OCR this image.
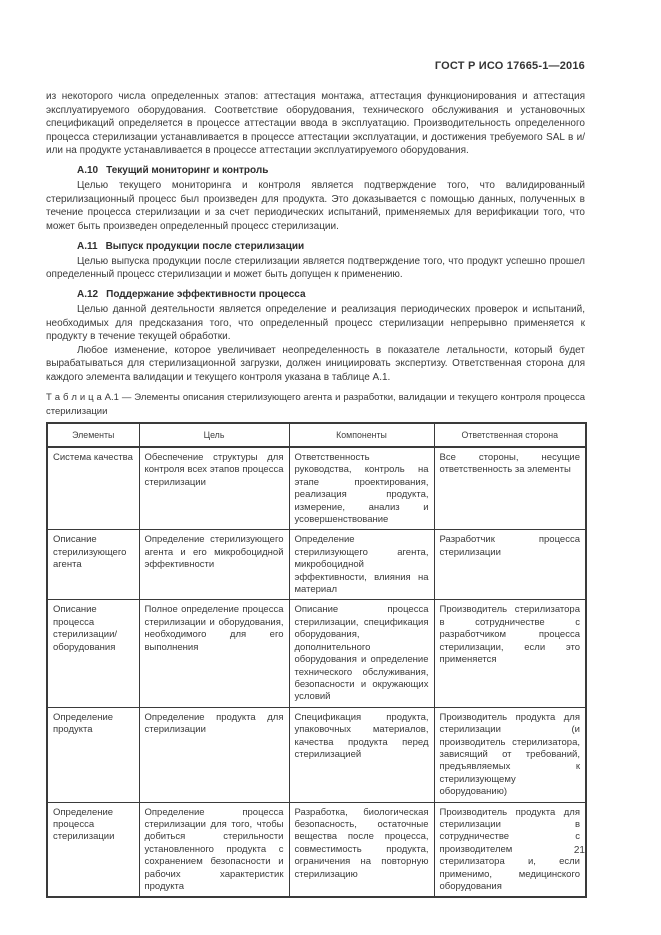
ГОСТ Р ИСО 17665-1—2016

из некоторого числа определенных этапов: аттестация монтажа, аттестация функционирования и аттестация эксплуатируемого оборудования. Соответствие оборудования, технического обслуживания и установочных спецификаций определяется в процессе аттестации ввода в эксплуатацию. Производительность определенного процесса стерилизации устанавливается в процессе аттестации эксплуатации, и достижения требуемого SAL в и/или на продукте устанавливается в процессе аттестации эксплуатируемого оборудования.

А.10 Текущий мониторинг и контроль

Целью текущего мониторинга и контроля является подтверждение того, что валидированный стерилизационный процесс был произведен для продукта. Это доказывается с помощью данных, полученных в течение процесса стерилизации и за счет периодических испытаний, применяемых для верификации того, что может быть произведен определенный процесс стерилизации.

А.11 Выпуск продукции после стерилизации

Целью выпуска продукции после стерилизации является подтверждение того, что продукт успешно прошел определенный процесс стерилизации и может быть допущен к применению.

А.12 Поддержание эффективности процесса

Целью данной деятельности является определение и реализация периодических проверок и испытаний, необходимых для предсказания того, что определенный процесс стерилизации непрерывно применяется к продукту в течение текущей обработки.

Любое изменение, которое увеличивает неопределенность в показателе летальности, который будет вырабатываться для стерилизационной загрузки, должен инициировать экспертизу. Ответственная сторона для каждого элемента валидации и текущего контроля указана в таблице А.1.

Т а б л и ц а А.1 — Элементы описания стерилизующего агента и разработки, валидации и текущего контроля процесса стерилизации

Элементы	Цель	Компоненты	Ответственная сторона
Система качества	Обеспечение структуры для контроля всех этапов процесса стерилизации	Ответственность руководства, контроль на этапе проектирования, реализация продукта, измерение, анализ и усовершенствование	Все стороны, несущие ответственность за элементы
Описание стерилизующего агента	Определение стерилизующего агента и его микробоцидной эффективности	Определение стерилизующего агента, микробоцидной эффективности, влияния на материал	Разработчик процесса стерилизации
Описание процесса стерилизации/ оборудования	Полное определение процесса стерилизации и оборудования, необходимого для его выполнения	Описание процесса стерилизации, спецификация оборудования, дополнительного оборудования и определение технического обслуживания, безопасности и окружающих условий	Производитель стерилизатора в сотрудничестве с разработчиком процесса стерилизации, если это применяется
Определение продукта	Определение продукта для стерилизации	Спецификация продукта, упаковочных материалов, качества продукта перед стерилизацией	Производитель продукта для стерилизации (и производитель стерилизатора, зависящий от требований, предъявляемых к стерилизующему оборудованию)
Определение процесса стерилизации	Определение процесса стерилизации для того, чтобы добиться стерильности установленного продукта с сохранением безопасности и рабочих характеристик продукта	Разработка, биологическая безопасность, остаточные вещества после процесса, совместимость продукта, ограничения на повторную стерилизацию	Производитель продукта для стерилизации в сотрудничестве с производителем стерилизатора и, если применимо, медицинского оборудования
21
